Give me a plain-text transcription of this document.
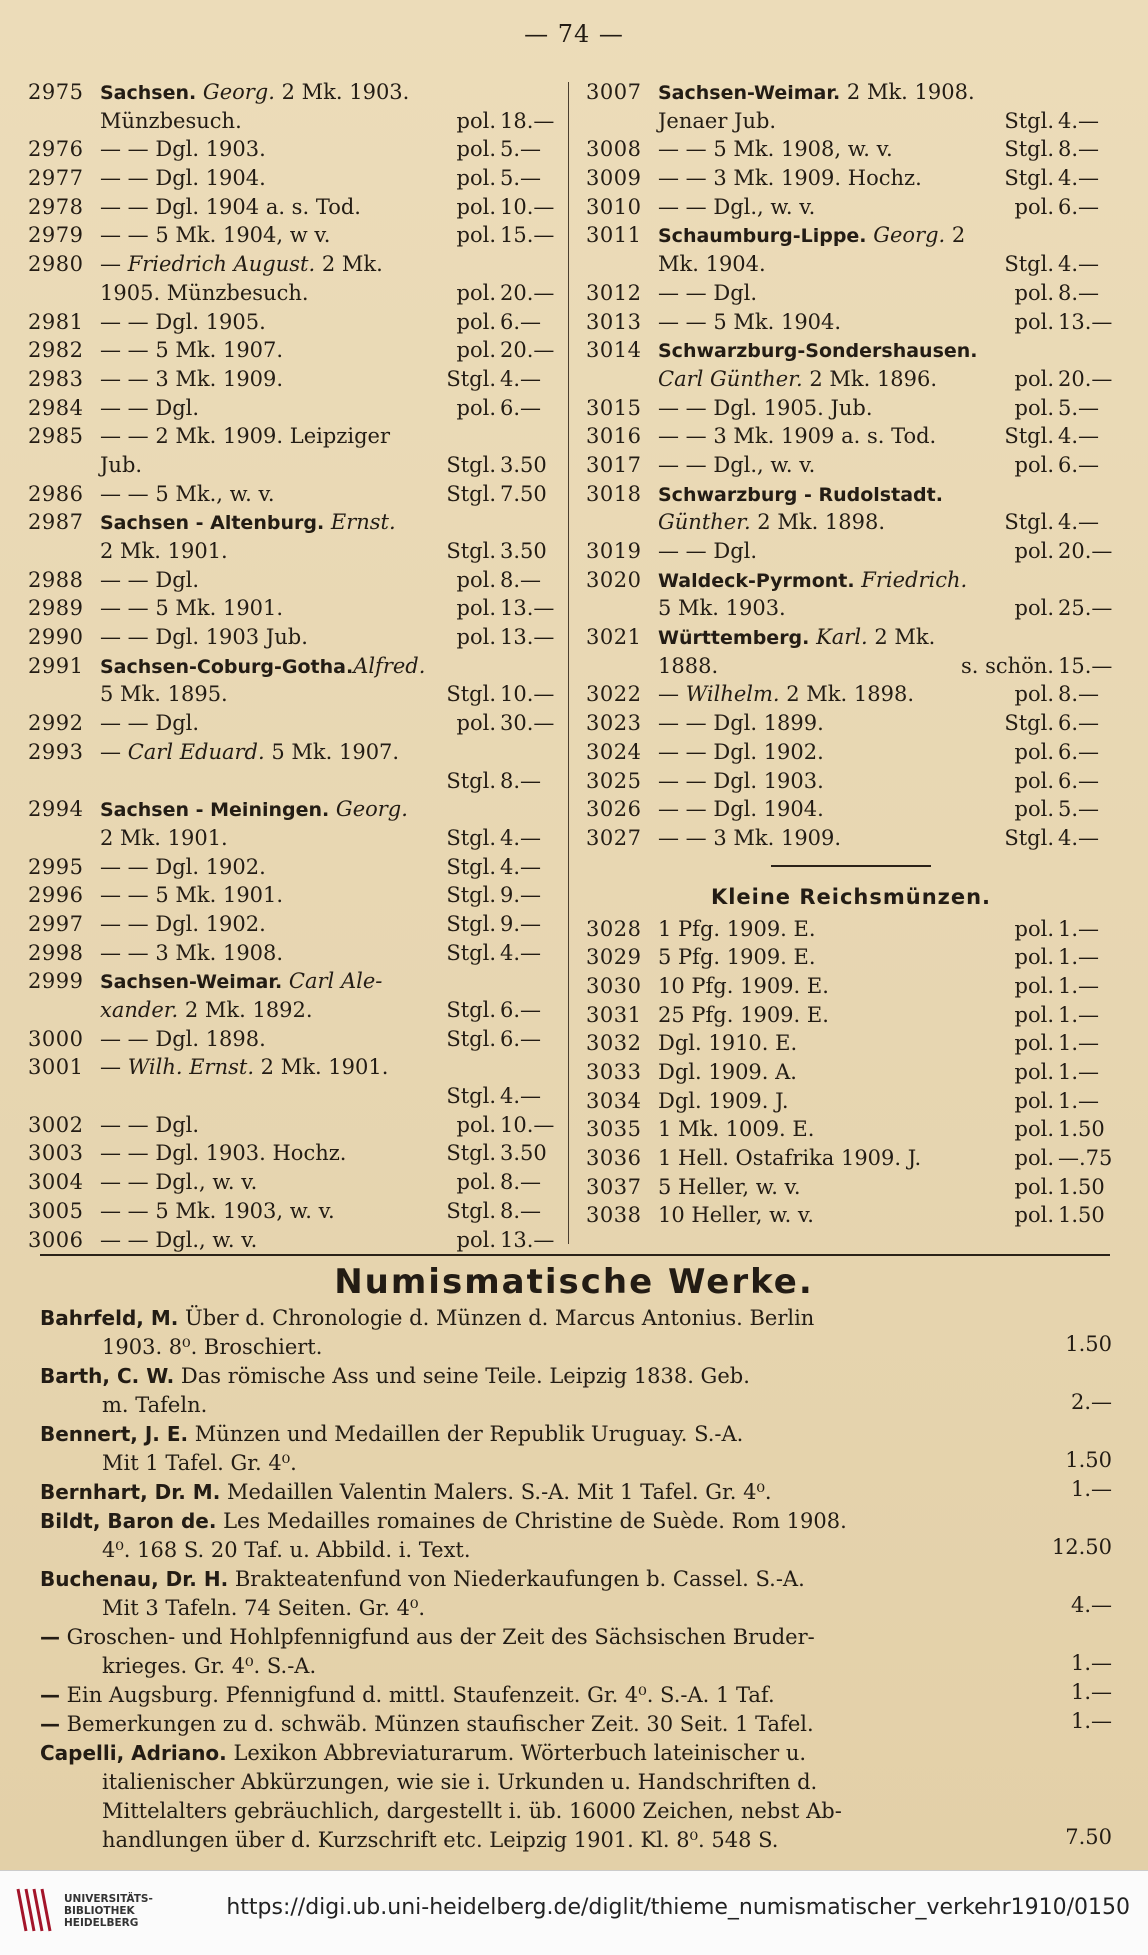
— 74 —
2975 Sachsen. Georg. 2 Mk. 1903.
Münzbesuch.	pol. 18.—
2976 — — Dgl. 1903.	pol. 5.—
2977 — — Dgl. 1904.	pol. 5.—
2978 — — Dgl. 1904 a. s. Tod.	pol. 10.—
2979 — — 5 Mk. 1904, w v.	pol. 15.—
2980 — Friedrich August. 2 Mk.
1905. Münzbesuch.	pol. 20.—
2981 — — Dgl. 1905.	pol. 6.—
2982 — — 5 Mk. 1907.	pol. 20.—
2983 — — 3 Mk. 1909.	Stgl. 4.—
2984 — — Dgl.	pol. 6.—
2985 — — 2 Mk. 1909. Leipziger
Jub.	Stgl. 3.50
2986 — — 5 Mk., w. v.	Stgl. 7.50
2987 Sachsen - Altenburg. Ernst.
2 Mk. 1901.	Stgl. 3.50
2988 — — Dgl.	pol. 8.—
2989 — — 5 Mk. 1901.	pol. 13.—
2990 — — Dgl. 1903 Jub.	pol. 13.—
2991 Sachsen-Coburg-Gotha.Alfred.
5 Mk. 1895.	Stgl. 10.—
2992 — — Dgl.	pol. 30.—
2993 — Carl Eduard. 5 Mk. 1907.
Stgl. 8.—
2994 Sachsen - Meiningen. Georg.
2 Mk. 1901.	Stgl. 4.—
2995 — — Dgl. 1902.	Stgl. 4.—
2996 — — 5 Mk. 1901.	Stgl. 9.—
2997 — — Dgl. 1902.	Stgl. 9.—
2998 — — 3 Mk. 1908.	Stgl. 4.—
2999 Sachsen-Weimar. Carl Ale-
xander. 2 Mk. 1892.	Stgl. 6.—
3000 — — Dgl. 1898.	Stgl. 6.—
3001 — Wilh. Ernst. 2 Mk. 1901.
Stgl. 4.—
3002 — — Dgl.	pol. 10.—
3003 — — Dgl. 1903. Hochz.	Stgl. 3.50
3004 — — Dgl., w. v.	pol. 8.—
3005 — — 5 Mk. 1903, w. v.	Stgl. 8.—
3006 — — Dgl., w. v.	pol. 13.—
3007 Sachsen-Weimar. 2 Mk. 1908.
Jenaer Jub.	Stgl. 4.—
3008 — — 5 Mk. 1908, w. v.	Stgl. 8.—
3009 — — 3 Mk. 1909. Hochz.	Stgl. 4.—
3010 — — Dgl., w. v.	pol. 6.—
3011 Schaumburg-Lippe. Georg. 2
Mk. 1904.	Stgl. 4.—
3012 — — Dgl.	pol. 8.—
3013 — — 5 Mk. 1904.	pol. 13.—
3014 Schwarzburg-Sondershausen.
Carl Günther. 2 Mk. 1896.	pol. 20.—
3015 — — Dgl. 1905. Jub.	pol. 5.—
3016 — — 3 Mk. 1909 a. s. Tod.	Stgl. 4.—
3017 — — Dgl., w. v.	pol. 6.—
3018 Schwarzburg - Rudolstadt.
Günther. 2 Mk. 1898.	Stgl. 4.—
3019 — — Dgl.	pol. 20.—
3020 Waldeck-Pyrmont. Friedrich.
5 Mk. 1903.	pol. 25.—
3021 Württemberg. Karl. 2 Mk.
1888.	s. schön. 15.—
3022 — Wilhelm. 2 Mk. 1898.	pol. 8.—
3023 — — Dgl. 1899.	Stgl. 6.—
3024 — — Dgl. 1902.	pol. 6.—
3025 — — Dgl. 1903.	pol. 6.—
3026 — — Dgl. 1904.	pol. 5.—
3027 — — 3 Mk. 1909.	Stgl. 4.—
Kleine Reichsmünzen.
3028 1 Pfg. 1909. E.	pol. 1.—
3029 5 Pfg. 1909. E.	pol. 1.—
3030 10 Pfg. 1909. E.	pol. 1.—
3031 25 Pfg. 1909. E.	pol. 1.—
3032 Dgl. 1910. E.	pol. 1.—
3033 Dgl. 1909. A.	pol. 1.—
3034 Dgl. 1909. J.	pol. 1.—
3035 1 Mk. 1009. E.	pol. 1.50
3036 1 Hell. Ostafrika 1909. J.	pol. —.75
3037 5 Heller, w. v.	pol. 1.50
3038 10 Heller, w. v.	pol. 1.50
Numismatische Werke.
Bahrfeld, M. Über d. Chronologie d. Münzen d. Marcus Antonius. Berlin
1903. 8⁰. Broschiert.	1.50
Barth, C. W. Das römische Ass und seine Teile. Leipzig 1838. Geb.
m. Tafeln.	2.—
Bennert, J. E. Münzen und Medaillen der Republik Uruguay. S.-A.
Mit 1 Tafel. Gr. 4⁰.	1.50
Bernhart, Dr. M. Medaillen Valentin Malers. S.-A. Mit 1 Tafel. Gr. 4⁰.	1.—
Bildt, Baron de. Les Medailles romaines de Christine de Suède. Rom 1908.
4⁰. 168 S. 20 Taf. u. Abbild. i. Text.	12.50
Buchenau, Dr. H. Brakteatenfund von Niederkaufungen b. Cassel. S.-A.
Mit 3 Tafeln. 74 Seiten. Gr. 4⁰.	4.—
— Groschen- und Hohlpfennigfund aus der Zeit des Sächsischen Bruder-
krieges. Gr. 4⁰. S.-A.	1.—
— Ein Augsburg. Pfennigfund d. mittl. Staufenzeit. Gr. 4⁰. S.-A. 1 Taf.	1.—
— Bemerkungen zu d. schwäb. Münzen staufischer Zeit. 30 Seit. 1 Tafel.	1.—
Capelli, Adriano. Lexikon Abbreviaturarum. Wörterbuch lateinischer u.
italienischer Abkürzungen, wie sie i. Urkunden u. Handschriften d.
Mittelalters gebräuchlich, dargestellt i. üb. 16000 Zeichen, nebst Ab-
handlungen über d. Kurzschrift etc. Leipzig 1901. Kl. 8⁰. 548 S.	7.50
UNIVERSITÄTS-
BIBLIOTHEK
HEIDELBERG
https://digi.ub.uni-heidelberg.de/diglit/thieme_numismatischer_verkehr1910/0150
